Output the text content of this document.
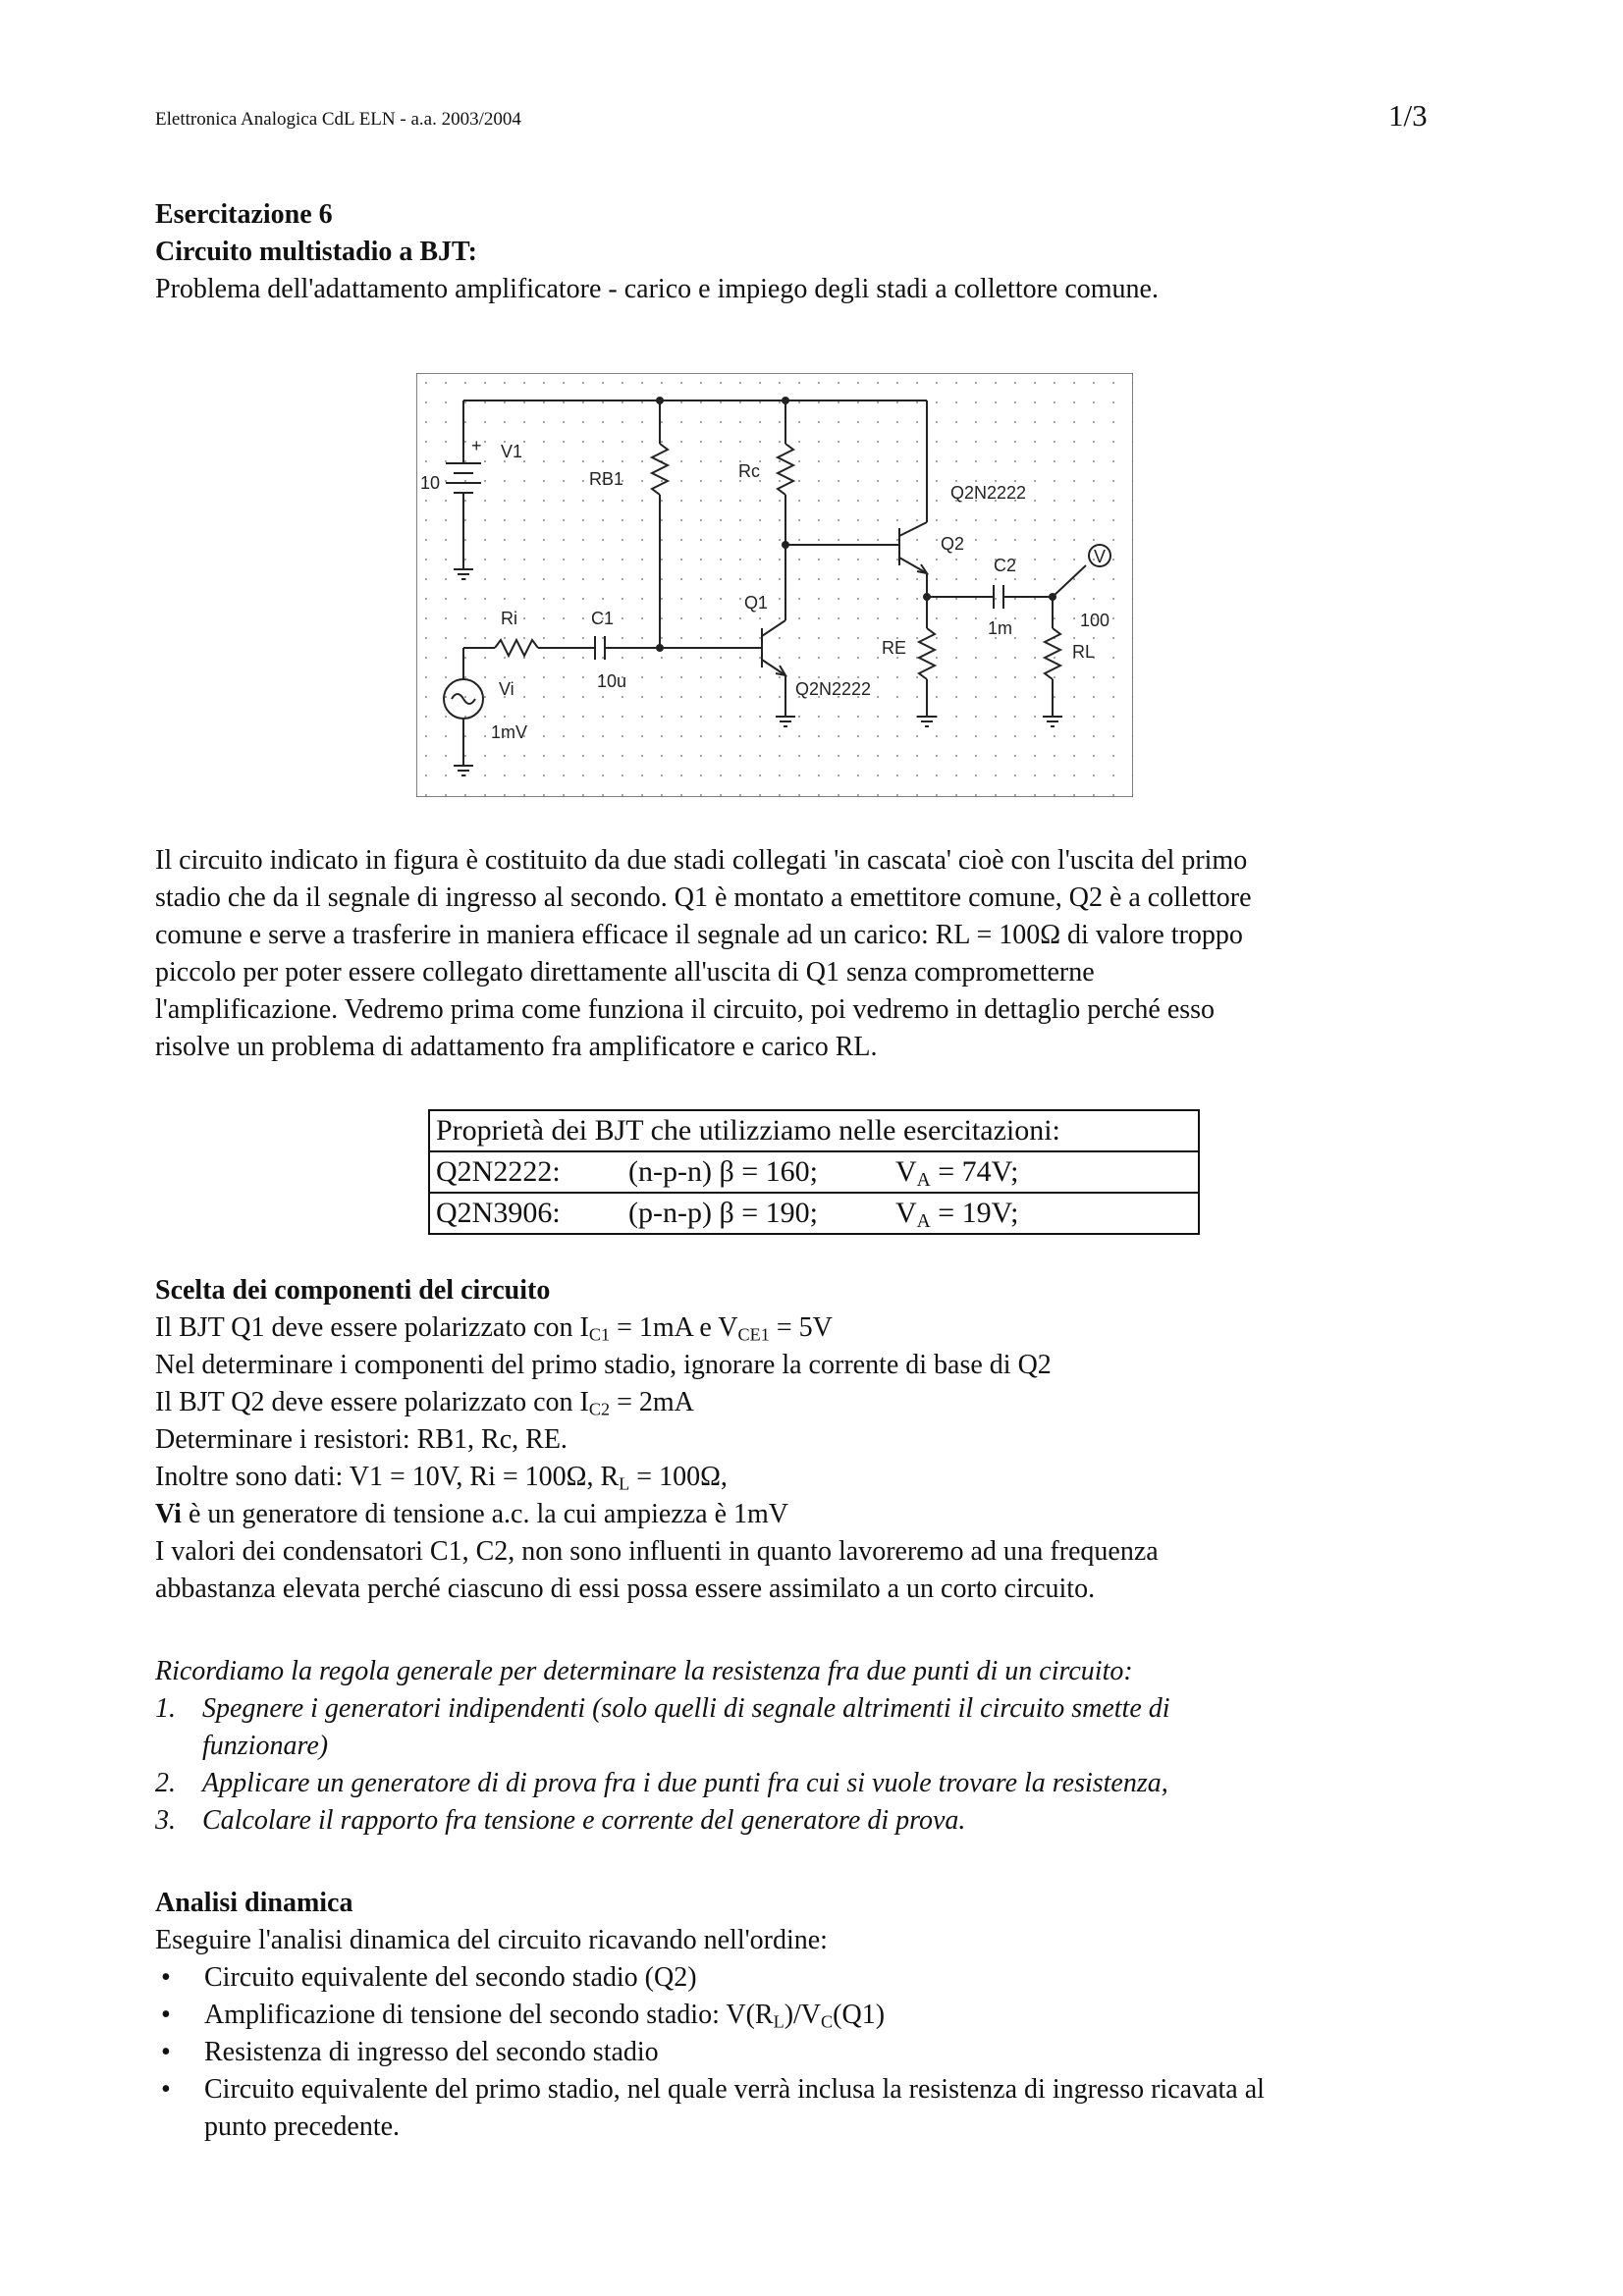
Elettronica Analogica CdL ELN - a.a. 2003/2004	1/3
Esercitazione 6
Circuito multistadio a BJT:
Problema dell'adattamento amplificatore - carico e impiego degli stadi a collettore comune.
+ V1
10	RB1	Rc
Q2N2222
Q2
C2	V
Ri	C1
Q1
RE
1m	100
RL
10u
Vi	Q2N2222
1mV
Il circuito indicato in figura è costituito da due stadi collegati 'in cascata' cioè con l'uscita del primo
stadio che da il segnale di ingresso al secondo. Q1 è montato a emettitore comune, Q2 è a collettore
comune e serve a trasferire in maniera efficace il segnale ad un carico: RL = 100Ω di valore troppo
piccolo per poter essere collegato direttamente all'uscita di Q1 senza comprometterne
l'amplificazione. Vedremo prima come funziona il circuito, poi vedremo in dettaglio perché esso
risolve un problema di adattamento fra amplificatore e carico RL.
Proprietà dei BJT che utilizziamo nelle esercitazioni:
Q2N2222: (n-p-n) β = 160;	$V_A = 74V$;
Q2N3906: (p-n-p) β = 190;	$V_A = 19V$;
Scelta dei componenti del circuito
Il BJT Q1 deve essere polarizzato con $I_{C1} = 1mA$ e $V_{CE1} = 5V$
Nel determinare i componenti del primo stadio, ignorare la corrente di base di Q2
Il BJT Q2 deve essere polarizzato con $I_{C2} = 2mA$
Determinare i resistori: RB1, Rc, RE.
Inoltre sono dati: V1 = 10V, Ri = 100Ω, $R_L = 100\Omega$,
Vi è un generatore di tensione a.c. la cui ampiezza è 1mV
I valori dei condensatori C1, C2, non sono influenti in quanto lavoreremo ad una frequenza
abbastanza elevata perché ciascuno di essi possa essere assimilato a un corto circuito.
Ricordiamo la regola generale per determinare la resistenza fra due punti di un circuito:
1. Spegnere i generatori indipendenti (solo quelli di segnale altrimenti il circuito smette di
funzionare)
2. Applicare un generatore di di prova fra i due punti fra cui si vuole trovare la resistenza,
3. Calcolare il rapporto fra tensione e corrente del generatore di prova.
Analisi dinamica
Eseguire l'analisi dinamica del circuito ricavando nell'ordine:
• Circuito equivalente del secondo stadio (Q2)
• Amplificazione di tensione del secondo stadio: $V(R_L)/V_C(Q1)$
• Resistenza di ingresso del secondo stadio
• Circuito equivalente del primo stadio, nel quale verrà inclusa la resistenza di ingresso ricavata al
punto precedente.
